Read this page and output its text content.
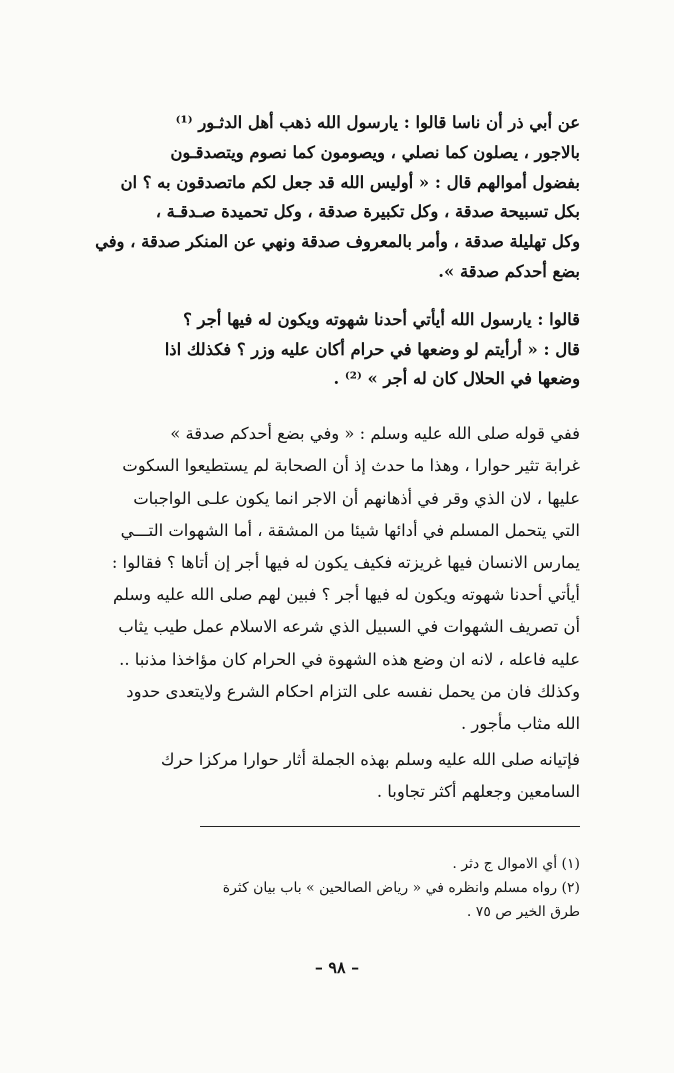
عن أبي ذر أن ناسا قالوا : يارسول الله ذهب أهل الدثـور ⁽¹⁾
بالاجور ، يصلون كما نصلي ، ويصومون كما نصوم ويتصدقـون
بفضول أموالهم قال : « أوليس الله قد جعل لكم ماتصدقون به ؟ ان
بكل تسبيحة صدقة ، وكل تكبيرة صدقة ، وكل تحميدة صـدقـة ،
وكل تهليلة صدقة ، وأمر بالمعروف صدقة ونهي عن المنكر صدقة ، وفي
بضع أحدكم صدقة ».

قالوا : يارسول الله أيأتي أحدنا شهوته ويكون له فيها أجر ؟
قال : « أرأيتم لو وضعها في حرام أكان عليه وزر ؟ فكذلك اذا
وضعها في الحلال كان له أجر » ⁽²⁾ .

ففي قوله صلى الله عليه وسلم : « وفي بضع أحدكم صدقة »
غرابة تثير حوارا ، وهذا ما حدث إذ أن الصحابة لم يستطيعوا السكوت
عليها ، لان الذي وقر في أذهانهم أن الاجر انما يكون علـى الواجبات
التي يتحمل المسلم في أدائها شيئا من المشقة ، أما الشهوات التـــي
يمارس الانسان فيها غريزته فكيف يكون له فيها أجر إن أتاها ؟ فقالوا :
أيأتي أحدنا شهوته ويكون له فيها أجر ؟ فبين لهم صلى الله عليه وسلم
أن تصريف الشهوات في السبيل الذي شرعه الاسلام عمل طيب يثاب
عليه فاعله ، لانه ان وضع هذه الشهوة في الحرام كان مؤاخذا مذنبا ..
وكذلك فان من يحمل نفسه على التزام احكام الشرع ولايتعدى حدود
الله مثاب مأجور .

فإتيانه صلى الله عليه وسلم بهذه الجملة أثار حوارا مركزا حرك
السامعين وجعلهم أكثر تجاوبا .

(١) أي الاموال ج دثر .
(٢) رواه مسلم وانظره في « رياض الصالحين » باب بيان كثرة
طرق الخير ص ٧٥ .
– ٩٨ –
